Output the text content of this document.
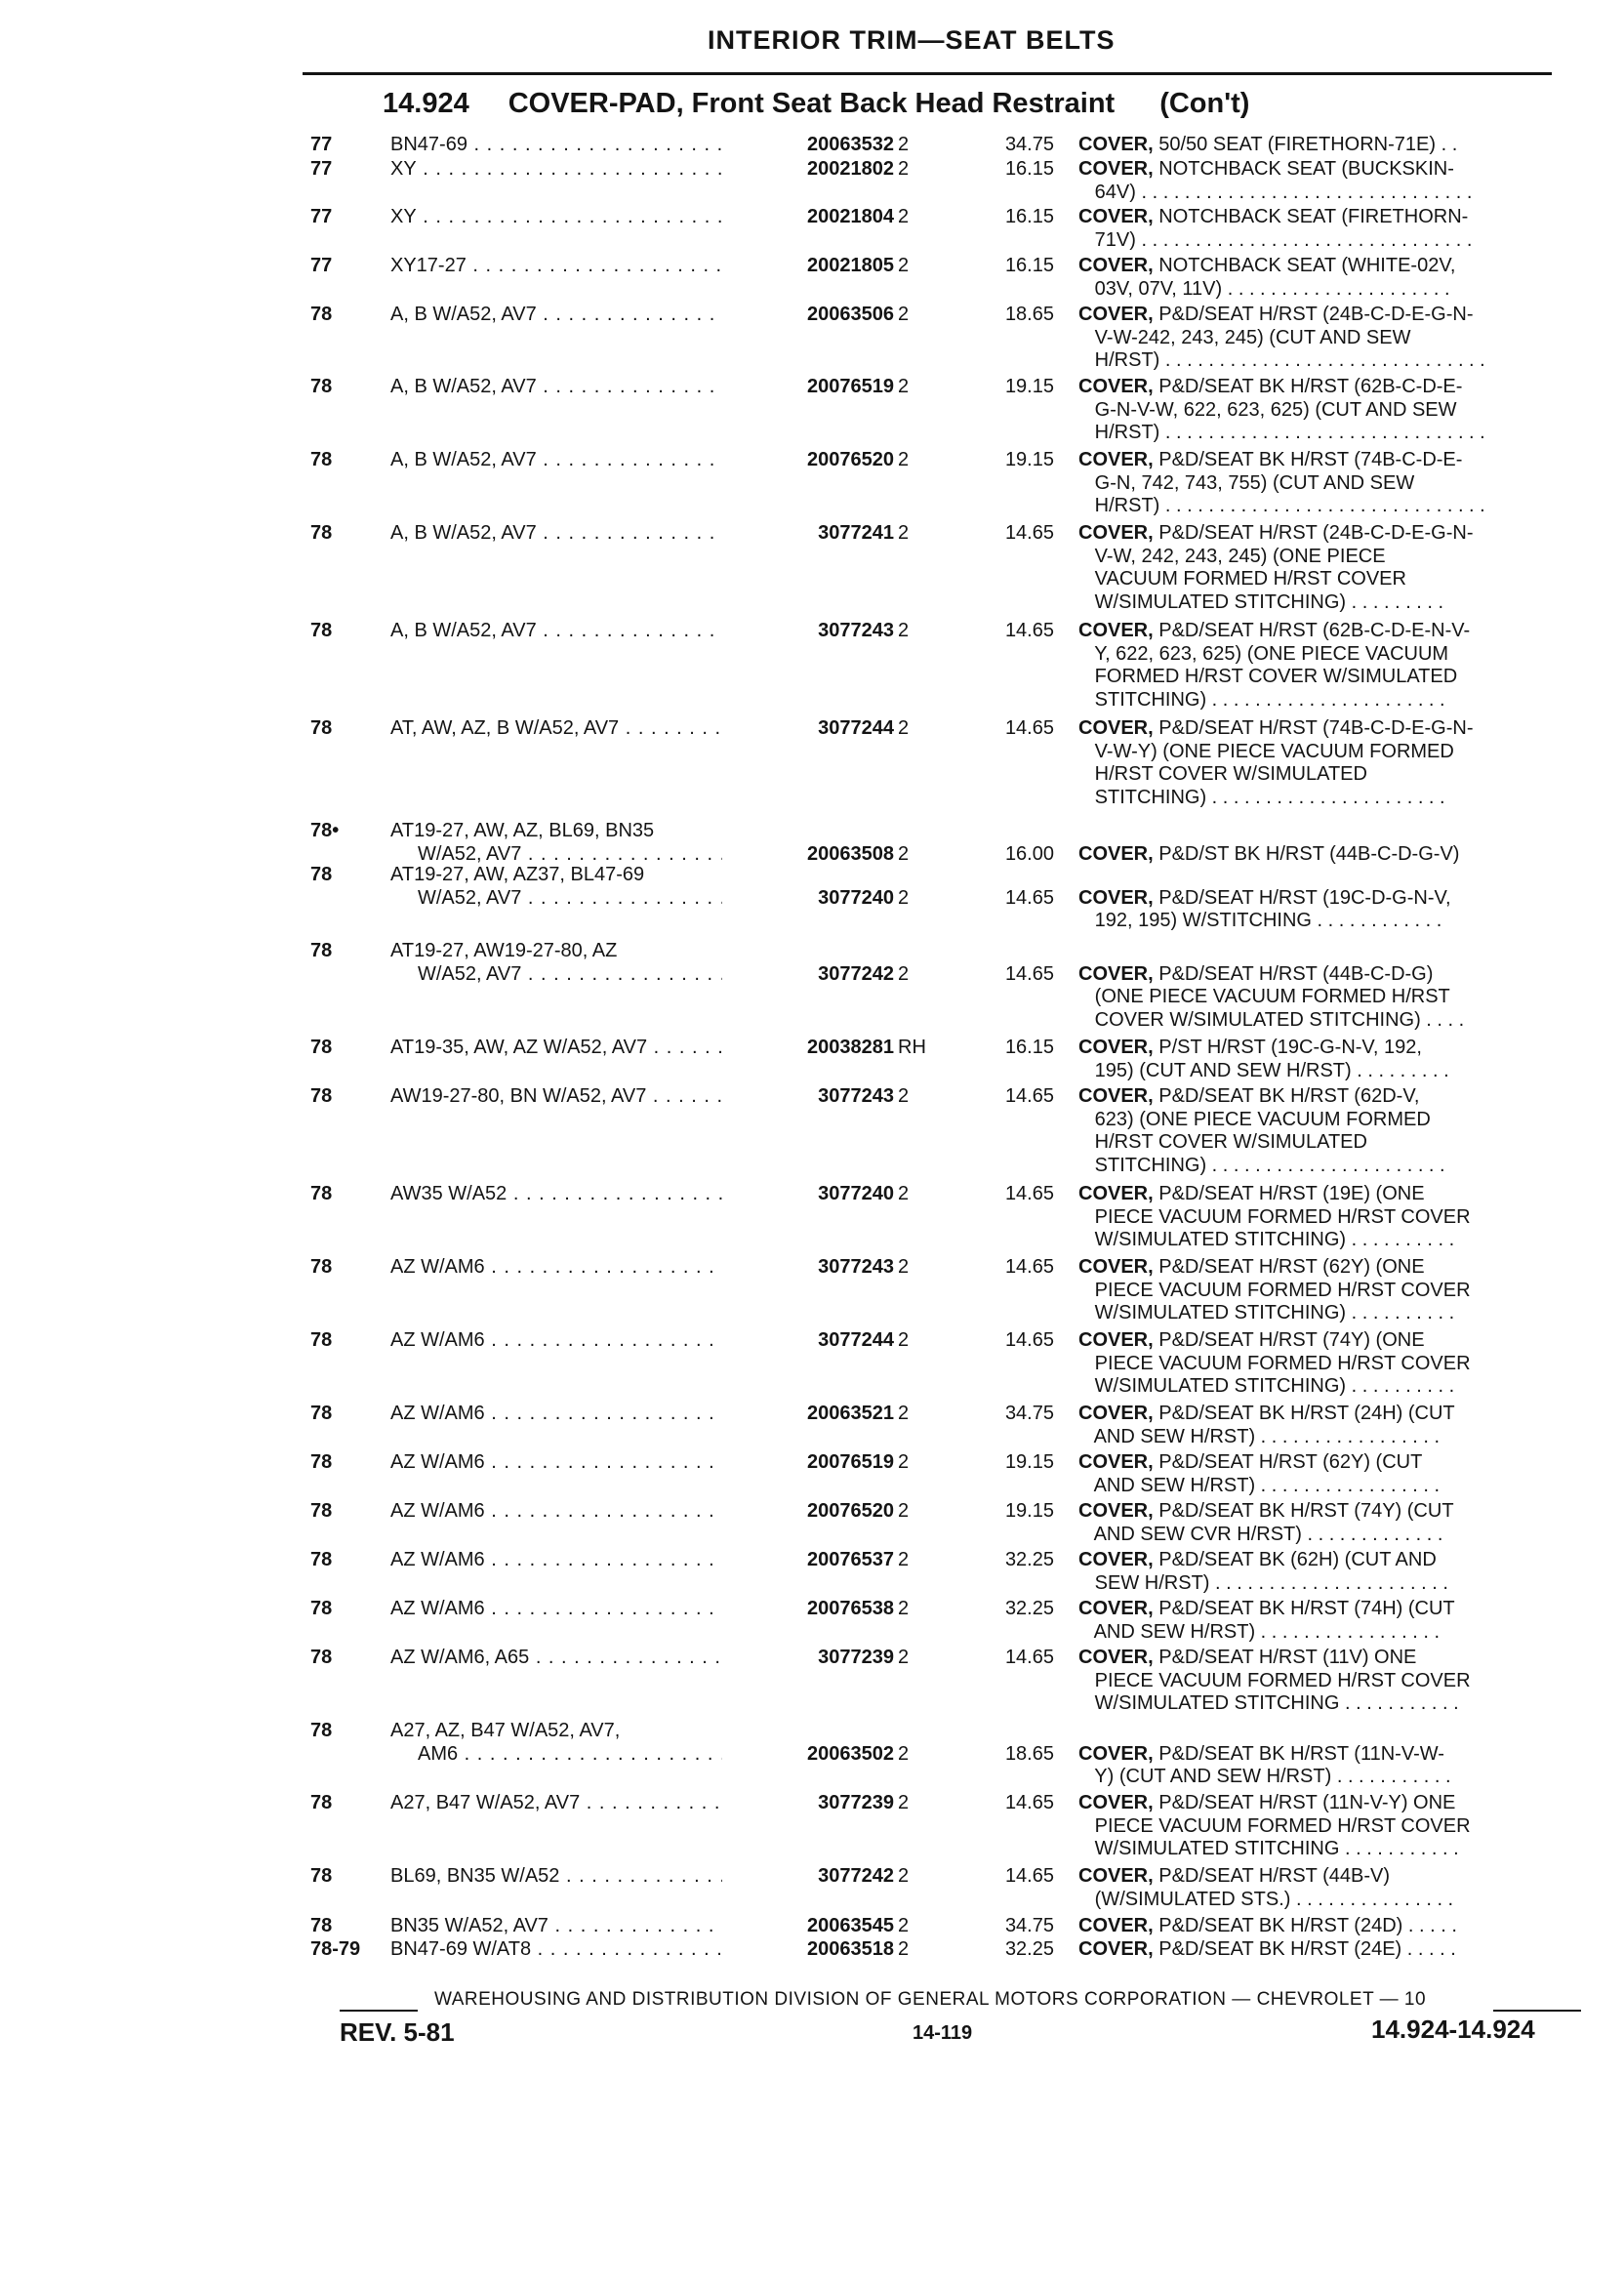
INTERIOR TRIM—SEAT BELTS
14.924 COVER-PAD, Front Seat Back Head Restraint (Con't)
77	BN47-69 . . .	20063532 2	34.75 COVER, 50/50 SEAT (FIRETHORN-71E) . .
77	XY . . .	20021802 2	16.15 COVER, NOTCHBACK SEAT (BUCKSKIN-
64V) . . . . . . . . . . . . . . . . . . . . . . . . . . . . . . .
77	XY . . .	20021804 2	16.15 COVER, NOTCHBACK SEAT (FIRETHORN-
71V) . . . . . . . . . . . . . . . . . . . . . . . . . . . . . . .
77	XY17-27 . . .	20021805 2	16.15 COVER, NOTCHBACK SEAT (WHITE-02V,
03V, 07V, 11V) . . . . . . . . . . . . . . . . . . . . .
78	A, B W/A52, AV7 . . .	20063506 2	18.65 COVER, P&D/SEAT H/RST (24B-C-D-E-G-N-
V-W-242, 243, 245) (CUT AND SEW
H/RST) . . . . . . . . . . . . . . . . . . . . . . . . . . . . . .
78	A, B W/A52, AV7 . . .	20076519 2	19.15 COVER, P&D/SEAT BK H/RST (62B-C-D-E-
G-N-V-W, 622, 623, 625) (CUT AND SEW
H/RST) . . . . . . . . . . . . . . . . . . . . . . . . . . . . . .
78	A, B W/A52, AV7 . . .	20076520 2	19.15 COVER, P&D/SEAT BK H/RST (74B-C-D-E-
G-N, 742, 743, 755) (CUT AND SEW
H/RST) . . . . . . . . . . . . . . . . . . . . . . . . . . . . . .
78	A, B W/A52, AV7 . . .	3077241 2	14.65 COVER, P&D/SEAT H/RST (24B-C-D-E-G-N-
V-W, 242, 243, 245) (ONE PIECE
VACUUM FORMED H/RST COVER
W/SIMULATED STITCHING) . . . . . . . . .
78	A, B W/A52, AV7 . . .	3077243 2	14.65 COVER, P&D/SEAT H/RST (62B-C-D-E-N-V-
Y, 622, 623, 625) (ONE PIECE VACUUM
FORMED H/RST COVER W/SIMULATED
STITCHING) . . . . . . . . . . . . . . . . . . . . . .
78	AT, AW, AZ, B W/A52, AV7 . . .	3077244 2	14.65 COVER, P&D/SEAT H/RST (74B-C-D-E-G-N-
V-W-Y) (ONE PIECE VACUUM FORMED
H/RST COVER W/SIMULATED
STITCHING) . . . . . . . . . . . . . . . . . . . . . .
78•	AT19-27, AW, AZ, BL69, BN35
W/A52, AV7 . . .	20063508 2	16.00 COVER, P&D/ST BK H/RST (44B-C-D-G-V)
78	AT19-27, AW, AZ37, BL47-69
W/A52, AV7 . . .	3077240 2	14.65 COVER, P&D/SEAT H/RST (19C-D-G-N-V,
192, 195) W/STITCHING . . . . . . . . . . . .
78	AT19-27, AW19-27-80, AZ
W/A52, AV7 . . .	3077242 2	14.65 COVER, P&D/SEAT H/RST (44B-C-D-G)
(ONE PIECE VACUUM FORMED H/RST
COVER W/SIMULATED STITCHING) . . . .
78	AT19-35, AW, AZ W/A52, AV7 . . .	20038281 RH	16.15 COVER, P/ST H/RST (19C-G-N-V, 192,
195) (CUT AND SEW H/RST) . . . . . . . . .
78	AW19-27-80, BN W/A52, AV7 . . .	3077243 2	14.65 COVER, P&D/SEAT BK H/RST (62D-V,
623) (ONE PIECE VACUUM FORMED
H/RST COVER W/SIMULATED
STITCHING) . . . . . . . . . . . . . . . . . . . . . .
78	AW35 W/A52 . . .	3077240 2	14.65 COVER, P&D/SEAT H/RST (19E) (ONE
PIECE VACUUM FORMED H/RST COVER
W/SIMULATED STITCHING) . . . . . . . . . .
78	AZ W/AM6 . . .	3077243 2	14.65 COVER, P&D/SEAT H/RST (62Y) (ONE
PIECE VACUUM FORMED H/RST COVER
W/SIMULATED STITCHING) . . . . . . . . . .
78	AZ W/AM6 . . .	3077244 2	14.65 COVER, P&D/SEAT H/RST (74Y) (ONE
PIECE VACUUM FORMED H/RST COVER
W/SIMULATED STITCHING) . . . . . . . . . .
78	AZ W/AM6 . . .	20063521 2	34.75 COVER, P&D/SEAT BK H/RST (24H) (CUT
AND SEW H/RST) . . . . . . . . . . . . . . . . .
78	AZ W/AM6 . . .	20076519 2	19.15 COVER, P&D/SEAT H/RST (62Y) (CUT
AND SEW H/RST) . . . . . . . . . . . . . . . . .
78	AZ W/AM6 . . .	20076520 2	19.15 COVER, P&D/SEAT BK H/RST (74Y) (CUT
AND SEW CVR H/RST) . . . . . . . . . . . . .
78	AZ W/AM6 . . .	20076537 2	32.25 COVER, P&D/SEAT BK (62H) (CUT AND
SEW H/RST) . . . . . . . . . . . . . . . . . . . . . .
78	AZ W/AM6 . . .	20076538 2	32.25 COVER, P&D/SEAT BK H/RST (74H) (CUT
AND SEW H/RST) . . . . . . . . . . . . . . . . .
78	AZ W/AM6, A65 . . .	3077239 2	14.65 COVER, P&D/SEAT H/RST (11V) ONE
PIECE VACUUM FORMED H/RST COVER
W/SIMULATED STITCHING . . . . . . . . . . .
78	A27, AZ, B47 W/A52, AV7,
AM6 . . .	20063502 2	18.65 COVER, P&D/SEAT BK H/RST (11N-V-W-
Y) (CUT AND SEW H/RST) . . . . . . . . . . .
78	A27, B47 W/A52, AV7 . . .	3077239 2	14.65 COVER, P&D/SEAT H/RST (11N-V-Y) ONE
PIECE VACUUM FORMED H/RST COVER
W/SIMULATED STITCHING . . . . . . . . . . .
78	BL69, BN35 W/A52 . . .	3077242 2	14.65 COVER, P&D/SEAT H/RST (44B-V)
(W/SIMULATED STS.) . . . . . . . . . . . . . . .
78	BN35 W/A52, AV7 . . .	20063545 2	34.75 COVER, P&D/SEAT BK H/RST (24D) . . . . .
78-79	BN47-69 W/AT8 . . .	20063518 2	32.25 COVER, P&D/SEAT BK H/RST (24E) . . . . .
WAREHOUSING AND DISTRIBUTION DIVISION OF GENERAL MOTORS CORPORATION — CHEVROLET — 10
REV. 5-81	14-119	14.924-14.924
